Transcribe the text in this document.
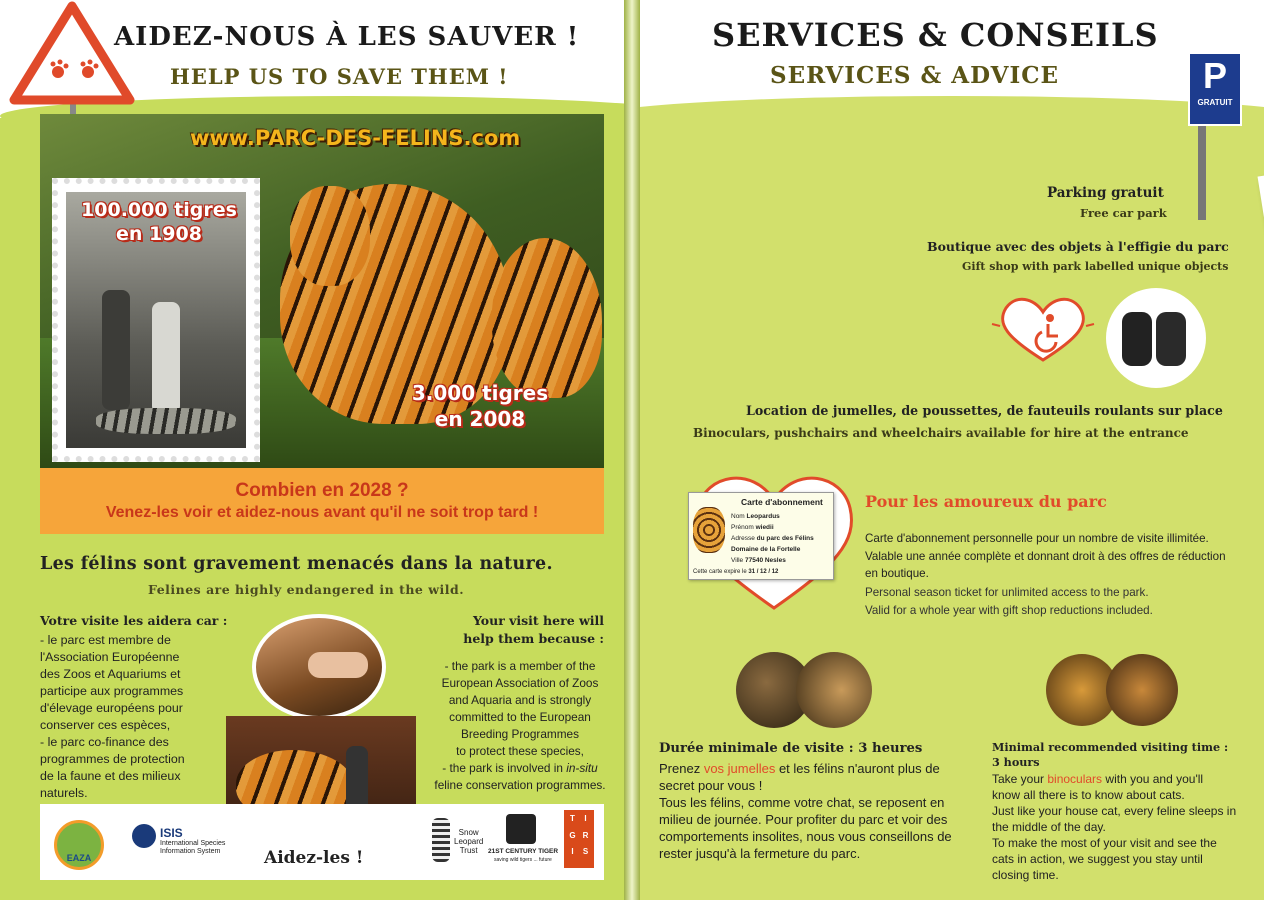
AIDEZ-NOUS À LES SAUVER !
HELP US TO SAVE THEM !
www.PARC-DES-FELINS.com
100.000 tigres
en 1908
3.000 tigres
en 2008
Combien en 2028 ?
Venez-les voir et aidez-nous avant qu'il ne soit trop tard !
Les félins sont gravement menacés dans la nature.
Felines are highly endangered in the wild.
Votre visite les aidera car :
- le parc est membre de
l'Association Européenne
des Zoos et Aquariums et
participe aux programmes
d'élevage européens pour
conserver ces espèces,
- le parc co-finance des
programmes de protection
de la faune et des milieux
naturels.
Your visit here will
help them because :
- the park is a member of the
European Association of Zoos
and Aquaria and is strongly
committed to the European
Breeding Programmes
to protect these species,
- the park is involved in in-situ
feline conservation programmes.
EAZA
ISIS
International Species
Information System
Snow
Leopard
Trust	21ST CENTURY TIGER
saving wild tigers ... future
T	I
G R
I	S
Aidez-les !
SERVICES & CONSEILS
SERVICES & ADVICE	P
GRATUIT
Parking gratuit
Free car park
Boutique avec des objets à l'effigie du parc
Gift shop with park labelled unique objects
Location de jumelles, de poussettes, de fauteuils roulants sur place
Binoculars, pushchairs and wheelchairs available for hire at the entrance
Carte d'abonnement
Nom Leopardus
Prénom wiedii
Adresse du parc des Félins
Domaine de la Fortelle
Ville 77540 Nesles
Cette carte expire le 31 / 12 / 12
Pour les amoureux du parc
Carte d'abonnement personnelle pour un nombre de visite illimitée.
Valable une année complète et donnant droit à des offres de réduction
en boutique.
Personal season ticket for unlimited access to the park.
Valid for a whole year with gift shop reductions included.
Durée minimale de visite : 3 heures
Prenez vos jumelles et les félins n'auront plus de
secret pour vous !
Tous les félins, comme votre chat, se reposent en
milieu de journée. Pour profiter du parc et voir des
comportements insolites, nous vous conseillons de
rester jusqu'à la fermeture du parc.
Minimal recommended visiting time :
3 hours
Take your binoculars with you and you'll
know all there is to know about cats.
Just like your house cat, every feline sleeps in
the middle of the day.
To make the most of your visit and see the
cats in action, we suggest you stay until
closing time.
